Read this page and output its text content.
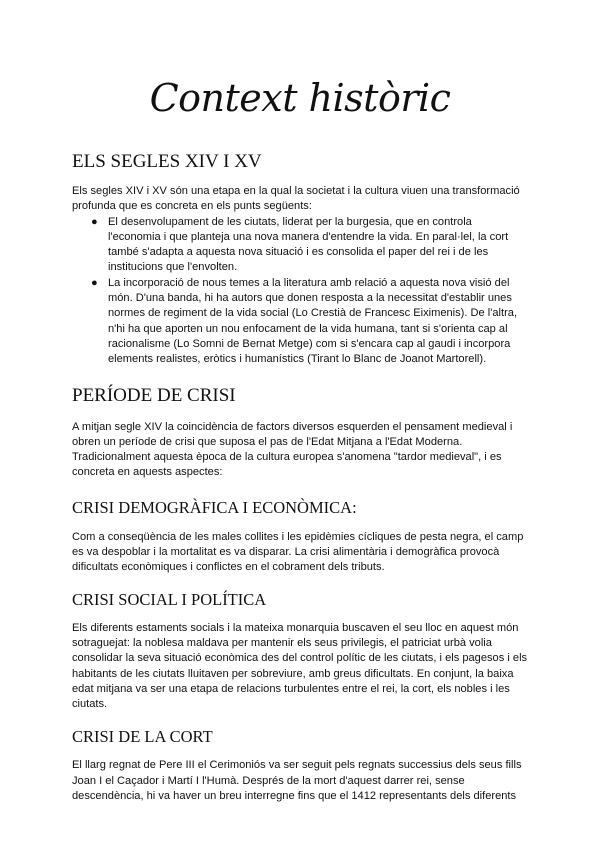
Context històric
ELS SEGLES XIV I XV

Els segles XIV i XV són una etapa en la qual la societat i la cultura viuen una transformació
profunda que es concreta en els punts següents:

● El desenvolupament de les ciutats, liderat per la burgesia, que en controla
l'economia i que planteja una nova manera d'entendre la vida. En paral·lel, la cort
també s'adapta a aquesta nova situació i es consolida el paper del rei i de les
institucions que l'envolten.
● La incorporació de nous temes a la literatura amb relació a aquesta nova visió del
món. D'una banda, hi ha autors que donen resposta a la necessitat d'establir unes
normes de regiment de la vida social (Lo Crestià de Francesc Eiximenis). De l'altra,
n'hi ha que aporten un nou enfocament de la vida humana, tant si s'orienta cap al
racionalisme (Lo Somni de Bernat Metge) com si s'encara cap al gaudi i incorpora
elements realistes, eròtics i humanístics (Tirant lo Blanc de Joanot Martorell).
PERÍODE DE CRISI

A mitjan segle XIV la coincidència de factors diversos esquerden el pensament medieval i
obren un període de crisi que suposa el pas de l'Edat Mitjana a l'Edat Moderna.
Tradicionalment aquesta època de la cultura europea s'anomena "tardor medieval", i es
concreta en aquests aspectes:

CRISI DEMOGRÀFICA I ECONÒMICA:

Com a conseqüència de les males collites i les epidèmies cícliques de pesta negra, el camp
es va despoblar i la mortalitat es va disparar. La crisi alimentària i demogràfica provocà
dificultats econòmiques i conflictes en el cobrament dels tributs.

CRISI SOCIAL I POLÍTICA

Els diferents estaments socials i la mateixa monarquia buscaven el seu lloc en aquest món
sotraguejat: la noblesa maldava per mantenir els seus privilegis, el patriciat urbà volia
consolidar la seva situació econòmica des del control polític de les ciutats, i els pagesos i els
habitants de les ciutats lluitaven per sobreviure, amb greus dificultats. En conjunt, la baixa
edat mitjana va ser una etapa de relacions turbulentes entre el rei, la cort, els nobles i les
ciutats.

CRISI DE LA CORT

El llarg regnat de Pere III el Cerimoniós va ser seguit pels regnats successius dels seus fills
Joan I el Caçador i Martí I l'Humà. Després de la mort d'aquest darrer rei, sense
descendència, hi va haver un breu interregne fins que el 1412 representants dels diferents
